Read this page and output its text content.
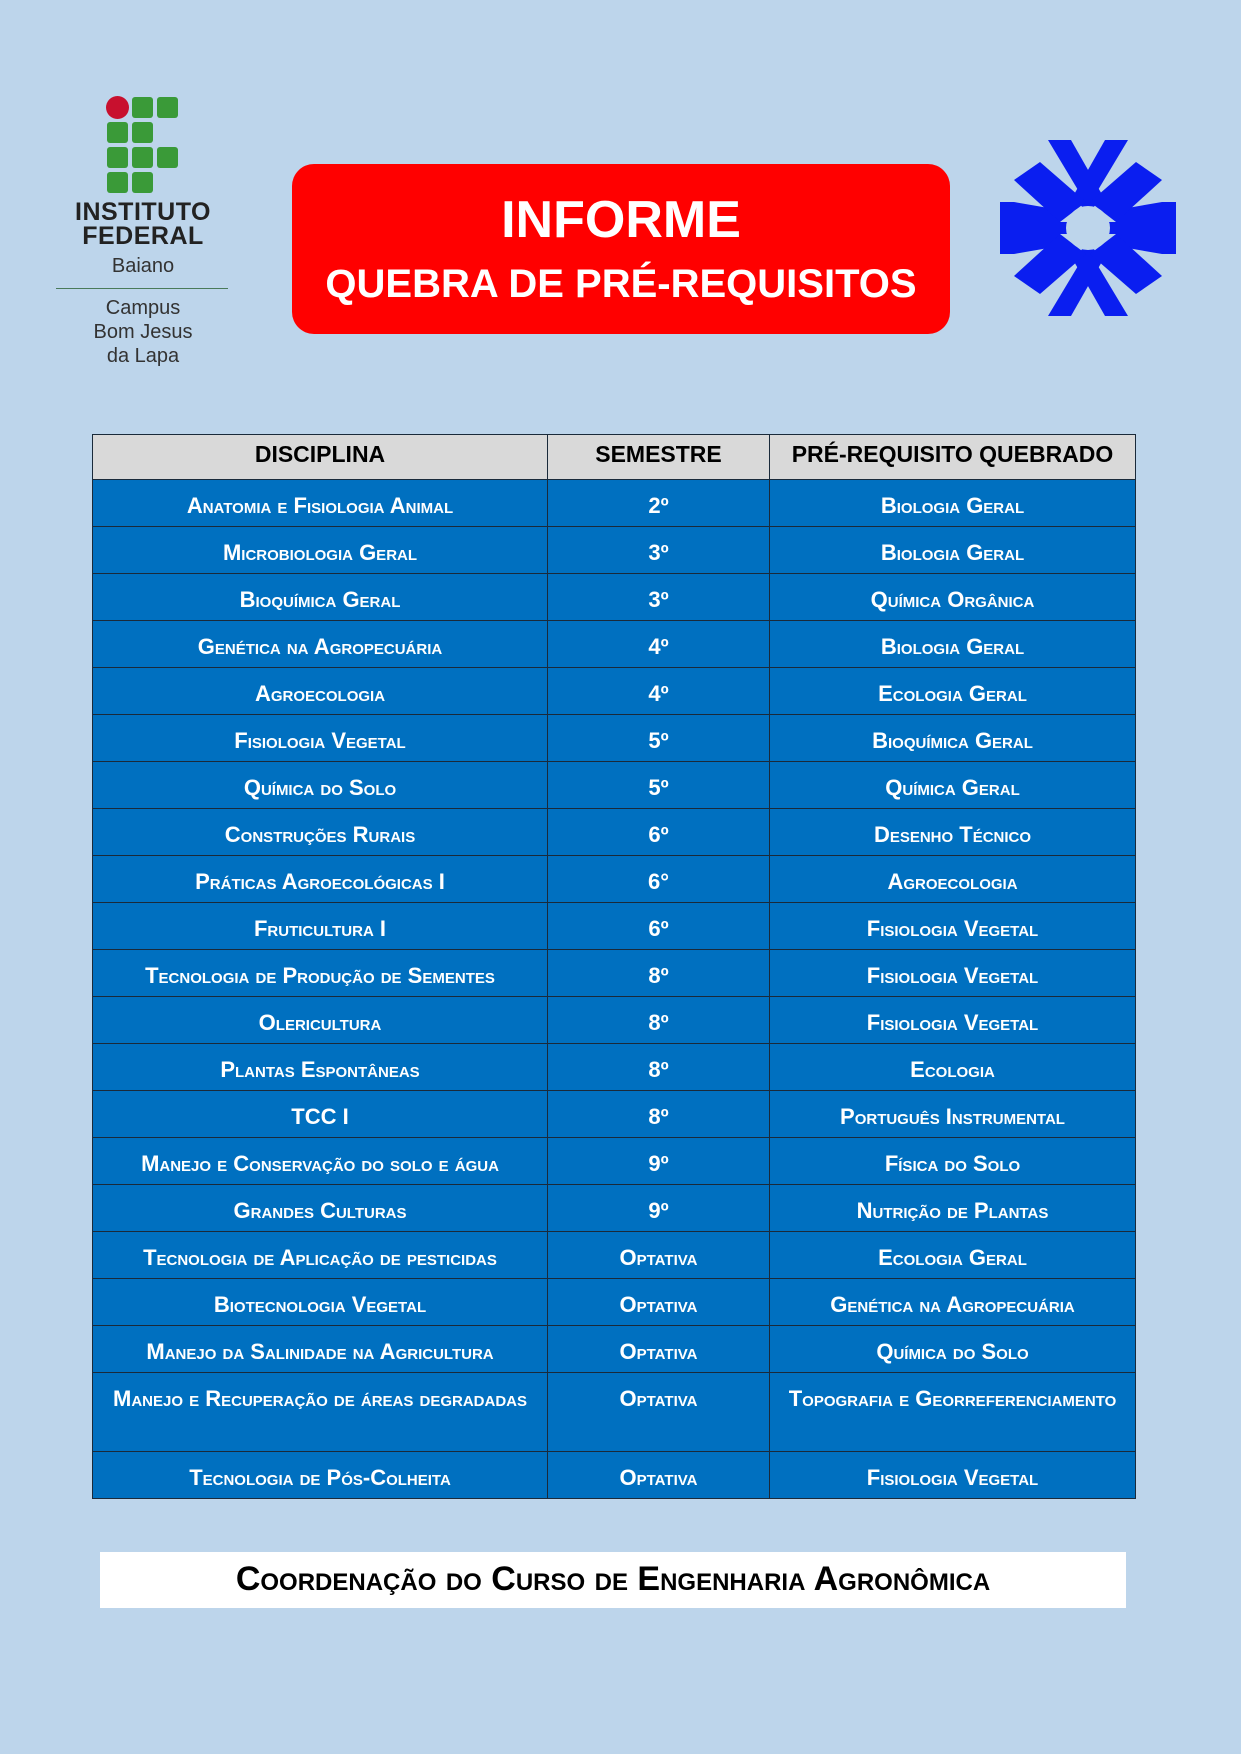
INSTITUTO
FEDERAL
Baiano
Campus
Bom Jesus
da Lapa
INFORME
QUEBRA DE PRÉ-REQUISITOS
DISCIPLINA	SEMESTRE	PRÉ-REQUISITO QUEBRADO
Anatomia e Fisiologia Animal	2º	Biologia Geral
Microbiologia Geral	3º	Biologia Geral
Bioquímica Geral	3º	Química Orgânica
Genética na Agropecuária	4º	Biologia Geral
Agroecologia	4º	Ecologia Geral
Fisiologia Vegetal	5º	Bioquímica Geral
Química do Solo	5º	Química Geral
Construções Rurais	6º	Desenho Técnico
Práticas Agroecológicas I	6°	Agroecologia
Fruticultura I	6º	Fisiologia Vegetal
Tecnologia de Produção de Sementes	8º	Fisiologia Vegetal
Olericultura	8º	Fisiologia Vegetal
Plantas Espontâneas	8º	Ecologia
TCC I	8º	Português Instrumental
Manejo e Conservação do solo e água	9º	Física do Solo
Grandes Culturas	9º	Nutrição de Plantas
Tecnologia de Aplicação de pesticidas	Optativa	Ecologia Geral
Biotecnologia Vegetal	Optativa	Genética na Agropecuária
Manejo da Salinidade na Agricultura	Optativa	Química do Solo
Manejo e Recuperação de áreas degradadas	Optativa	Topografia e Georreferenciamento
Tecnologia de Pós-Colheita	Optativa	Fisiologia Vegetal
Coordenação do Curso de Engenharia Agronômica
